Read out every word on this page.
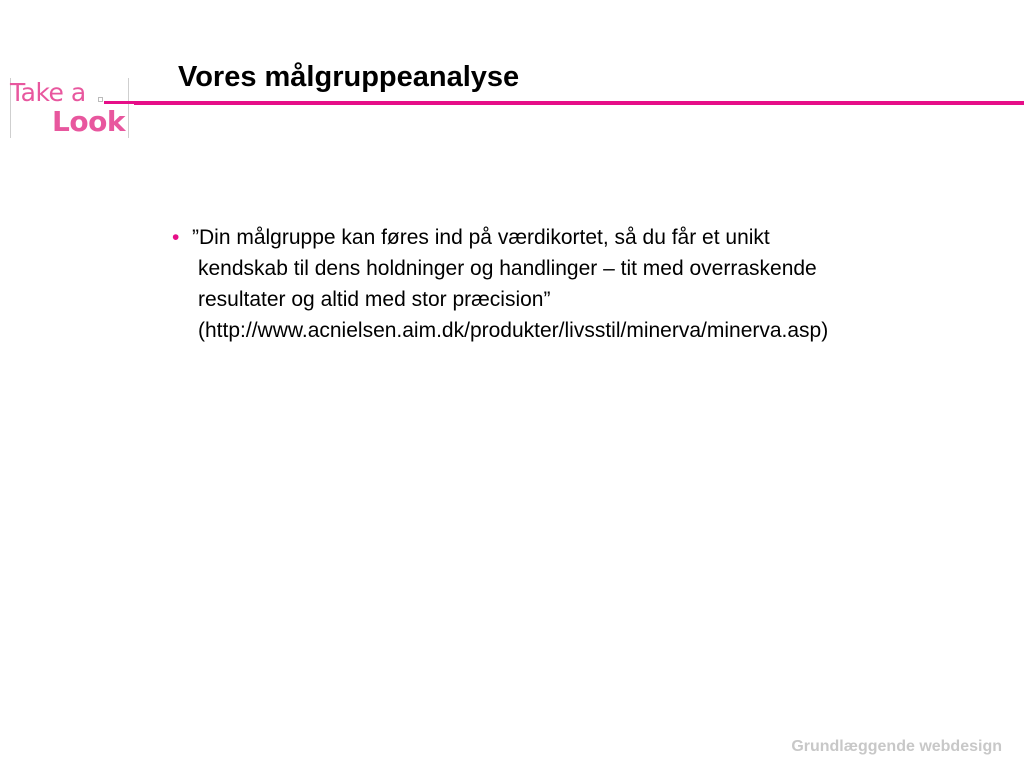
Take a
Look
Vores målgruppeanalyse
• ”Din målgruppe kan føres ind på værdikortet, så du får et unikt
kendskab til dens holdninger og handlinger – tit med overraskende
resultater og altid med stor præcision”
(http://www.acnielsen.aim.dk/produkter/livsstil/minerva/minerva.asp)
Grundlæggende webdesign
